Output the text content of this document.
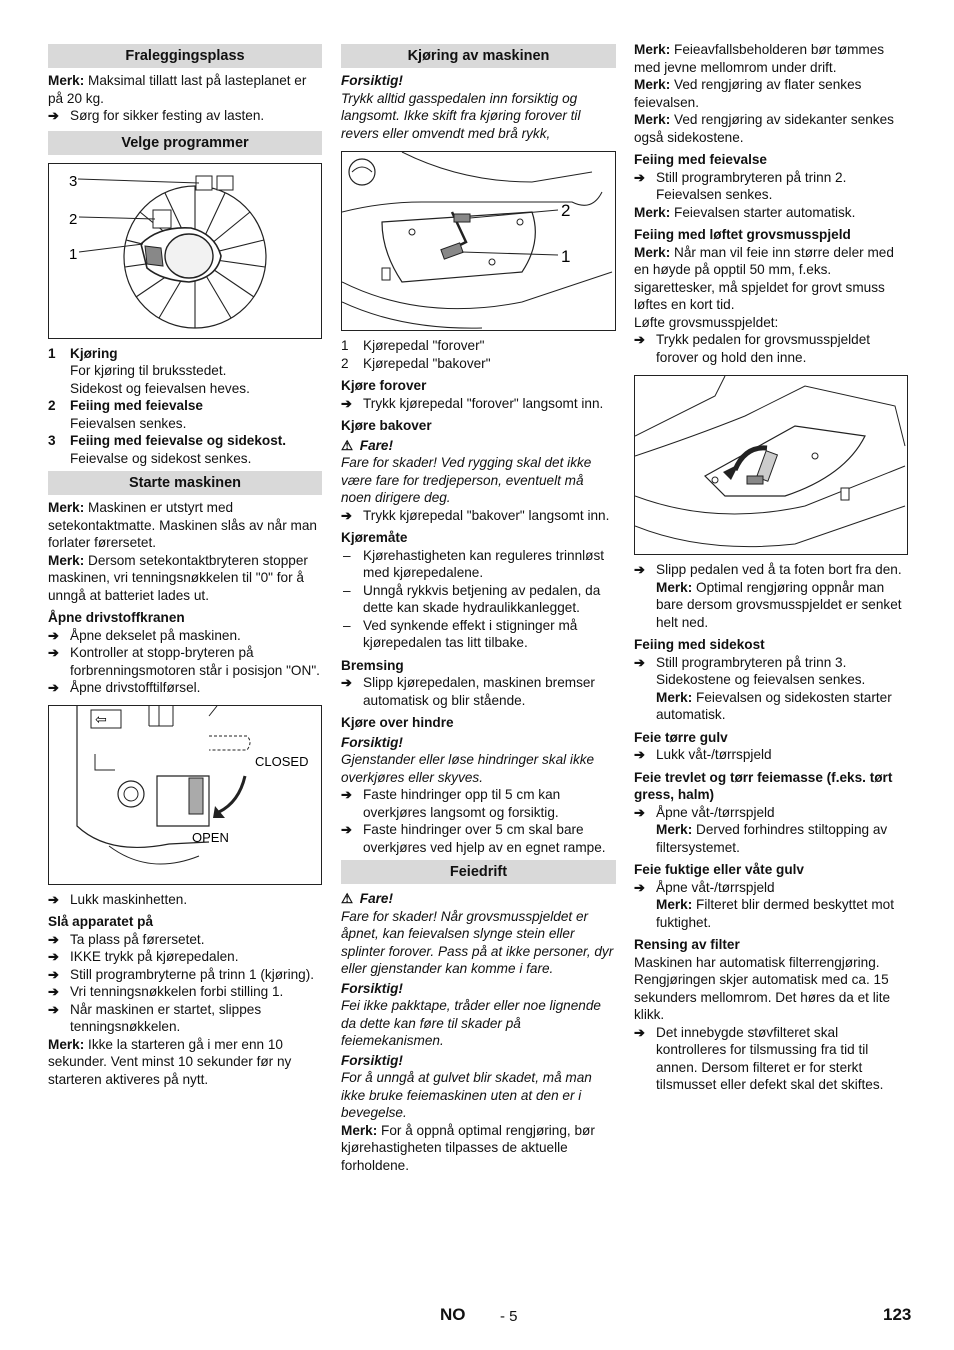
Fraleggingsplass
Merk: Maksimal tillatt last på lasteplanet er på 20 kg.
➔ Sørg for sikker festing av lasten.
Velge programmer
3
2
1
1 Kjøring
For kjøring til bruksstedet.
Sidekost og feievalsen heves.
2 Feiing med feievalse
Feievalsen senkes.
3 Feiing med feievalse og sidekost.
Feievalse og sidekost senkes.
Starte maskinen
Merk: Maskinen er utstyrt med setekontaktmatte. Maskinen slås av når man forlater førersetet.
Merk: Dersom setekontaktbryteren stopper maskinen, vri tenningsnøkkelen til "0" for å unngå at batteriet lades ut.
Åpne drivstoffkranen
➔ Åpne dekselet på maskinen.
➔ Kontroller at stopp-bryteren på forbrenningsmotoren står i posisjon "ON".
➔ Åpne drivstofftilførsel.
⇦
CLOSED
OPEN
➔ Lukk maskinhetten.
Slå apparatet på
➔ Ta plass på førersetet.
➔ IKKE trykk på kjørepedalen.
➔ Still programbryterne på trinn 1 (kjøring).
➔ Vri tenningsnøkkelen forbi stilling 1.
➔ Når maskinen er startet, slippes tenningsnøkkelen.
Merk: Ikke la starteren gå i mer enn 10 sekunder. Vent minst 10 sekunder før ny starteren aktiveres på nytt.
Kjøring av maskinen
Forsiktig!
Trykk alltid gasspedalen inn forsiktig og langsomt. Ikke skift fra kjøring forover til revers eller omvendt med brå rykk,
2
1
1 Kjørepedal "forover"
2 Kjørepedal "bakover"
Kjøre forover
➔ Trykk kjørepedal "forover" langsomt inn.
Kjøre bakover
⚠ Fare!
Fare for skader! Ved rygging skal det ikke være fare for tredjeperson, eventuelt må noen dirigere deg.
➔ Trykk kjørepedal "bakover" langsomt inn.
Kjøremåte
– Kjørehastigheten kan reguleres trinnløst med kjørepedalene.
– Unngå rykkvis betjening av pedalen, da dette kan skade hydraulikkanlegget.
– Ved synkende effekt i stigninger må kjørepedalen tas litt tilbake.
Bremsing
➔ Slipp kjørepedalen, maskinen bremser automatisk og blir stående.
Kjøre over hindre
Forsiktig!
Gjenstander eller løse hindringer skal ikke overkjøres eller skyves.
➔ Faste hindringer opp til 5 cm kan overkjøres langsomt og forsiktig.
➔ Faste hindringer over 5 cm skal bare overkjøres ved hjelp av en egnet rampe.
Feiedrift
⚠ Fare!
Fare for skader! Når grovsmusspjeldet er åpnet, kan feievalsen slynge stein eller splinter forover. Pass på at ikke personer, dyr eller gjenstander kan komme i fare.
Forsiktig!
Fei ikke pakktape, tråder eller noe lignende da dette kan føre til skader på feiemekanismen.
Forsiktig!
For å unngå at gulvet blir skadet, må man ikke bruke feiemaskinen uten at den er i bevegelse.
Merk: For å oppnå optimal rengjøring, bør kjørehastigheten tilpasses de aktuelle forholdene.
Merk: Feieavfallsbeholderen bør tømmes med jevne mellomrom under drift.
Merk: Ved rengjøring av flater senkes feievalsen.
Merk: Ved rengjøring av sidekanter senkes også sidekostene.
Feiing med feievalse
➔ Still programbryteren på trinn 2. Feievalsen senkes.
Merk: Feievalsen starter automatisk.
Feiing med løftet grovsmusspjeld
Merk: Når man vil feie inn større deler med en høyde på opptil 50 mm, f.eks. sigarettesker, må spjeldet for grovt smuss løftes en kort tid.
Løfte grovsmusspjeldet:
➔ Trykk pedalen for grovsmusspjeldet forover og hold den inne.
➔ Slipp pedalen ved å ta foten bort fra den.
Merk: Optimal rengjøring oppnår man bare dersom grovsmusspjeldet er senket helt ned.
Feiing med sidekost
➔ Still programbryteren på trinn 3. Sidekostene og feievalsen senkes.
Merk: Feievalsen og sidekosten starter automatisk.
Feie tørre gulv
➔ Lukk våt-/tørrspjeld
Feie trevlet og tørr feiemasse (f.eks. tørt gress, halm)
➔ Åpne våt-/tørrspjeld
Merk: Derved forhindres stiltopping av filtersystemet.
Feie fuktige eller våte gulv
➔ Åpne våt-/tørrspjeld
Merk: Filteret blir dermed beskyttet mot fuktighet.
Rensing av filter
Maskinen har automatisk filterrengjøring. Rengjøringen skjer automatisk med ca. 15 sekunders mellomrom. Det høres da et lite klikk.
➔ Det innebygde støvfilteret skal kontrolleres for tilsmussing fra tid til annen. Dersom filteret er for sterkt tilsmusset eller defekt skal det skiftes.
NO - 5	123
